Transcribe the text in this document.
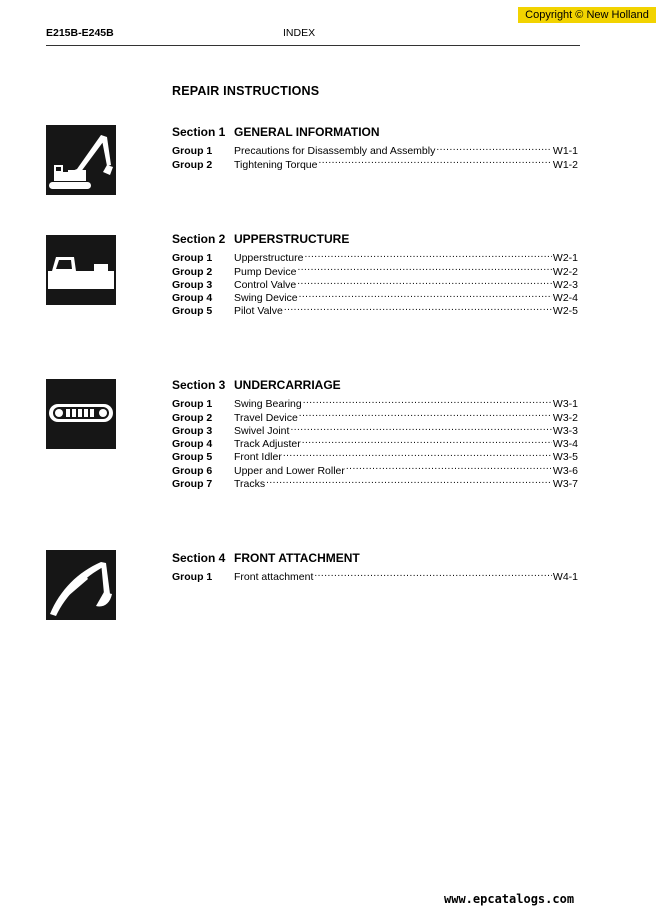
Copyright © New Holland
E215B-E245B	INDEX
REPAIR INSTRUCTIONS
Section 1 GENERAL INFORMATION
Group 1	Precautions for Disassembly and Assembly .....	W1-1
Group 2	Tightening Torque .....	W1-2
Section 2 UPPERSTRUCTURE
Group 1	Upperstructure .....	W2-1
Group 2	Pump Device .....	W2-2
Group 3	Control Valve .....	W2-3
Group 4	Swing Device .....	W2-4
Group 5	Pilot Valve .....	W2-5
Section 3 UNDERCARRIAGE
Group 1	Swing Bearing .....	W3-1
Group 2	Travel Device .....	W3-2
Group 3	Swivel Joint .....	W3-3
Group 4	Track Adjuster .....	W3-4
Group 5	Front Idler .....	W3-5
Group 6	Upper and Lower Roller .....	W3-6
Group 7	Tracks .....	W3-7
Section 4 FRONT ATTACHMENT
Group 1	Front attachment .....	W4-1
www.epcatalogs.com
